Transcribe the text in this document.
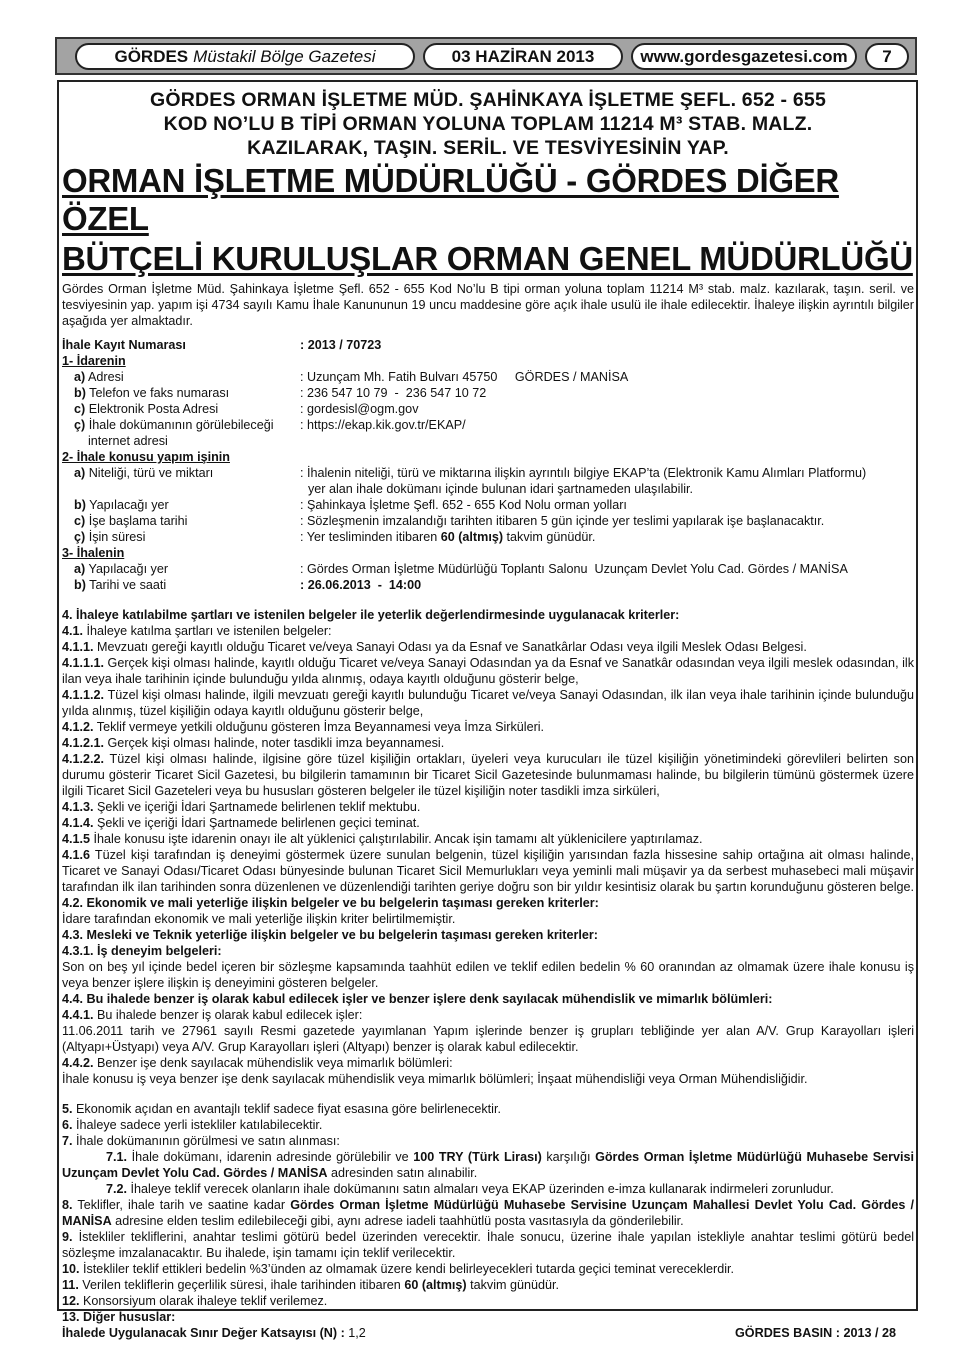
GÖRDES Müstakil Bölge Gazetesi	03 HAZİRAN 2013	www.gordesgazetesi.com 7
GÖRDES ORMAN İŞLETME MÜD. ŞAHİNKAYA İŞLETME ŞEFL. 652 - 655
KOD NO’LU B TİPİ ORMAN YOLUNA TOPLAM 11214 M³ STAB. MALZ.
KAZILARAK, TAŞIN. SERİL. VE TESVİYESİNİN YAP.
ORMAN İŞLETME MÜDÜRLÜĞÜ - GÖRDES DİĞER ÖZEL
BÜTÇELİ KURULUŞLAR ORMAN GENEL MÜDÜRLÜĞÜ

Gördes Orman İşletme Müd. Şahinkaya İşletme Şefl. 652 - 655 Kod No’lu B tipi orman yoluna toplam 11214 M³ stab. malz. kazılarak, taşın. seril. ve tesviyesinin yap. yapım işi 4734 sayılı Kamu İhale Kanununun 19 uncu maddesine göre açık ihale usulü ile ihale edilecektir. İhaleye ilişkin ayrıntılı bilgiler aşağıda yer almaktadır.

İhale Kayıt Numarası	: 2013 / 70723

1- İdarenin

a) Adresi	: Uzunçam Mh. Fatih Bulvarı 45750     GÖRDES / MANİSA
b) Telefon ve faks numarası	: 236 547 10 79  -  236 547 10 72
c) Elektronik Posta Adresi	: gordesisl@ogm.gov
ç) İhale dokümanının görülebileceği
internet adresi
: https://ekap.kik.gov.tr/EKAP/

2- İhale konusu yapım işinin

a) Niteliği, türü ve miktarı	: İhalenin niteliği, türü ve miktarına ilişkin ayrıntılı bilgiye EKAP’ta (Elektronik Kamu Alımları Platformu)
yer alan ihale dokümanı içinde bulunan idari şartnameden ulaşılabilir.
b) Yapılacağı yer	: Şahinkaya İşletme Şefl. 652 - 655 Kod Nolu orman yolları
c) İşe başlama tarihi	: Sözleşmenin imzalandığı tarihten itibaren 5 gün içinde yer teslimi yapılarak işe başlanacaktır.
ç) İşin süresi	: Yer tesliminden itibaren 60 (altmış) takvim günüdür.

3- İhalenin

a) Yapılacağı yer	: Gördes Orman İşletme Müdürlüğü Toplantı Salonu  Uzunçam Devlet Yolu Cad. Gördes / MANİSA
b) Tarihi ve saati	: 26.06.2013  -  14:00

4. İhaleye katılabilme şartları ve istenilen belgeler ile yeterlik değerlendirmesinde uygulanacak kriterler:

4.1. İhaleye katılma şartları ve istenilen belgeler:

4.1.1. Mevzuatı gereği kayıtlı olduğu Ticaret ve/veya Sanayi Odası ya da Esnaf ve Sanatkârlar Odası veya ilgili Meslek Odası Belgesi.

4.1.1.1. Gerçek kişi olması halinde, kayıtlı olduğu Ticaret ve/veya Sanayi Odasından ya da Esnaf ve Sanatkâr odasından veya ilgili meslek odasından, ilk ilan veya ihale tarihinin içinde bulunduğu yılda alınmış, odaya kayıtlı olduğunu gösterir belge,

4.1.1.2. Tüzel kişi olması halinde, ilgili mevzuatı gereği kayıtlı bulunduğu Ticaret ve/veya Sanayi Odasından, ilk ilan veya ihale tarihinin içinde bulunduğu yılda alınmış, tüzel kişiliğin odaya kayıtlı olduğunu gösterir belge,

4.1.2. Teklif vermeye yetkili olduğunu gösteren İmza Beyannamesi veya İmza Sirküleri.

4.1.2.1. Gerçek kişi olması halinde, noter tasdikli imza beyannamesi.

4.1.2.2. Tüzel kişi olması halinde, ilgisine göre tüzel kişiliğin ortakları, üyeleri veya kurucuları ile tüzel kişiliğin yönetimindeki görevlileri belirten son durumu gösterir Ticaret Sicil Gazetesi, bu bilgilerin tamamının bir Ticaret Sicil Gazetesinde bulunmaması halinde, bu bilgilerin tümünü göstermek üzere ilgili Ticaret Sicil Gazeteleri veya bu hususları gösteren belgeler ile tüzel kişiliğin noter tasdikli imza sirküleri,

4.1.3. Şekli ve içeriği İdari Şartnamede belirlenen teklif mektubu.

4.1.4. Şekli ve içeriği İdari Şartnamede belirlenen geçici teminat.

4.1.5 İhale konusu işte idarenin onayı ile alt yüklenici çalıştırılabilir. Ancak işin tamamı alt yüklenicilere yaptırılamaz.

4.1.6 Tüzel kişi tarafından iş deneyimi göstermek üzere sunulan belgenin, tüzel kişiliğin yarısından fazla hissesine sahip ortağına ait olması halinde, Ticaret ve Sanayi Odası/Ticaret Odası bünyesinde bulunan Ticaret Sicil Memurlukları veya yeminli mali müşavir ya da serbest muhasebeci mali müşavir tarafından ilk ilan tarihinden sonra düzenlenen ve düzenlendiği tarihten geriye doğru son bir yıldır kesintisiz olarak bu şartın korunduğunu gösteren belge.

4.2. Ekonomik ve mali yeterliğe ilişkin belgeler ve bu belgelerin taşıması gereken kriterler:

İdare tarafından ekonomik ve mali yeterliğe ilişkin kriter belirtilmemiştir.

4.3. Mesleki ve Teknik yeterliğe ilişkin belgeler ve bu belgelerin taşıması gereken kriterler:

4.3.1. İş deneyim belgeleri:

Son on beş yıl içinde bedel içeren bir sözleşme kapsamında taahhüt edilen ve teklif edilen bedelin % 60 oranından az olmamak üzere ihale konusu iş veya benzer işlere ilişkin iş deneyimini gösteren belgeler.

4.4. Bu ihalede benzer iş olarak kabul edilecek işler ve benzer işlere denk sayılacak mühendislik ve mimarlık bölümleri:

4.4.1. Bu ihalede benzer iş olarak kabul edilecek işler:

11.06.2011 tarih ve 27961 sayılı Resmi gazetede yayımlanan Yapım işlerinde benzer iş grupları tebliğinde yer alan A/V. Grup Karayolları işleri (Altyapı+Üstyapı) veya A/V. Grup Karayolları işleri (Altyapı) benzer iş olarak kabul edilecektir.

4.4.2. Benzer işe denk sayılacak mühendislik veya mimarlık bölümleri:

İhale konusu iş veya benzer işe denk sayılacak mühendislik veya mimarlık bölümleri; İnşaat mühendisliği veya Orman Mühendisliğidir.

5. Ekonomik açıdan en avantajlı teklif sadece fiyat esasına göre belirlenecektir.

6. İhaleye sadece yerli istekliler katılabilecektir.

7. İhale dokümanının görülmesi ve satın alınması:

7.1. İhale dokümanı, idarenin adresinde görülebilir ve 100 TRY (Türk Lirası) karşılığı Gördes Orman İşletme Müdürlüğü Muhasebe Servisi Uzunçam Devlet Yolu Cad. Gördes / MANİSA adresinden satın alınabilir.

7.2. İhaleye teklif verecek olanların ihale dokümanını satın almaları veya EKAP üzerinden e-imza kullanarak indirmeleri zorunludur.

8. Teklifler, ihale tarih ve saatine kadar Gördes Orman İşletme Müdürlüğü Muhasebe Servisine Uzunçam Mahallesi Devlet Yolu Cad. Gördes / MANİSA adresine elden teslim edilebileceği gibi, aynı adrese iadeli taahhütlü posta vasıtasıyla da gönderilebilir.

9. İstekliler tekliflerini, anahtar teslimi götürü bedel üzerinden verecektir. İhale sonucu, üzerine ihale yapılan istekliyle anahtar teslimi götürü bedel sözleşme imzalanacaktır. Bu ihalede, işin tamamı için teklif verilecektir.

10. İstekliler teklif ettikleri bedelin %3’ünden az olmamak üzere kendi belirleyecekleri tutarda geçici teminat vereceklerdir.

11. Verilen tekliflerin geçerlilik süresi, ihale tarihinden itibaren 60 (altmış) takvim günüdür.

12. Konsorsiyum olarak ihaleye teklif verilemez.

13. Diğer hususlar:

İhalede Uygulanacak Sınır Değer Katsayısı (N) : 1,2	GÖRDES BASIN : 2013 / 28
